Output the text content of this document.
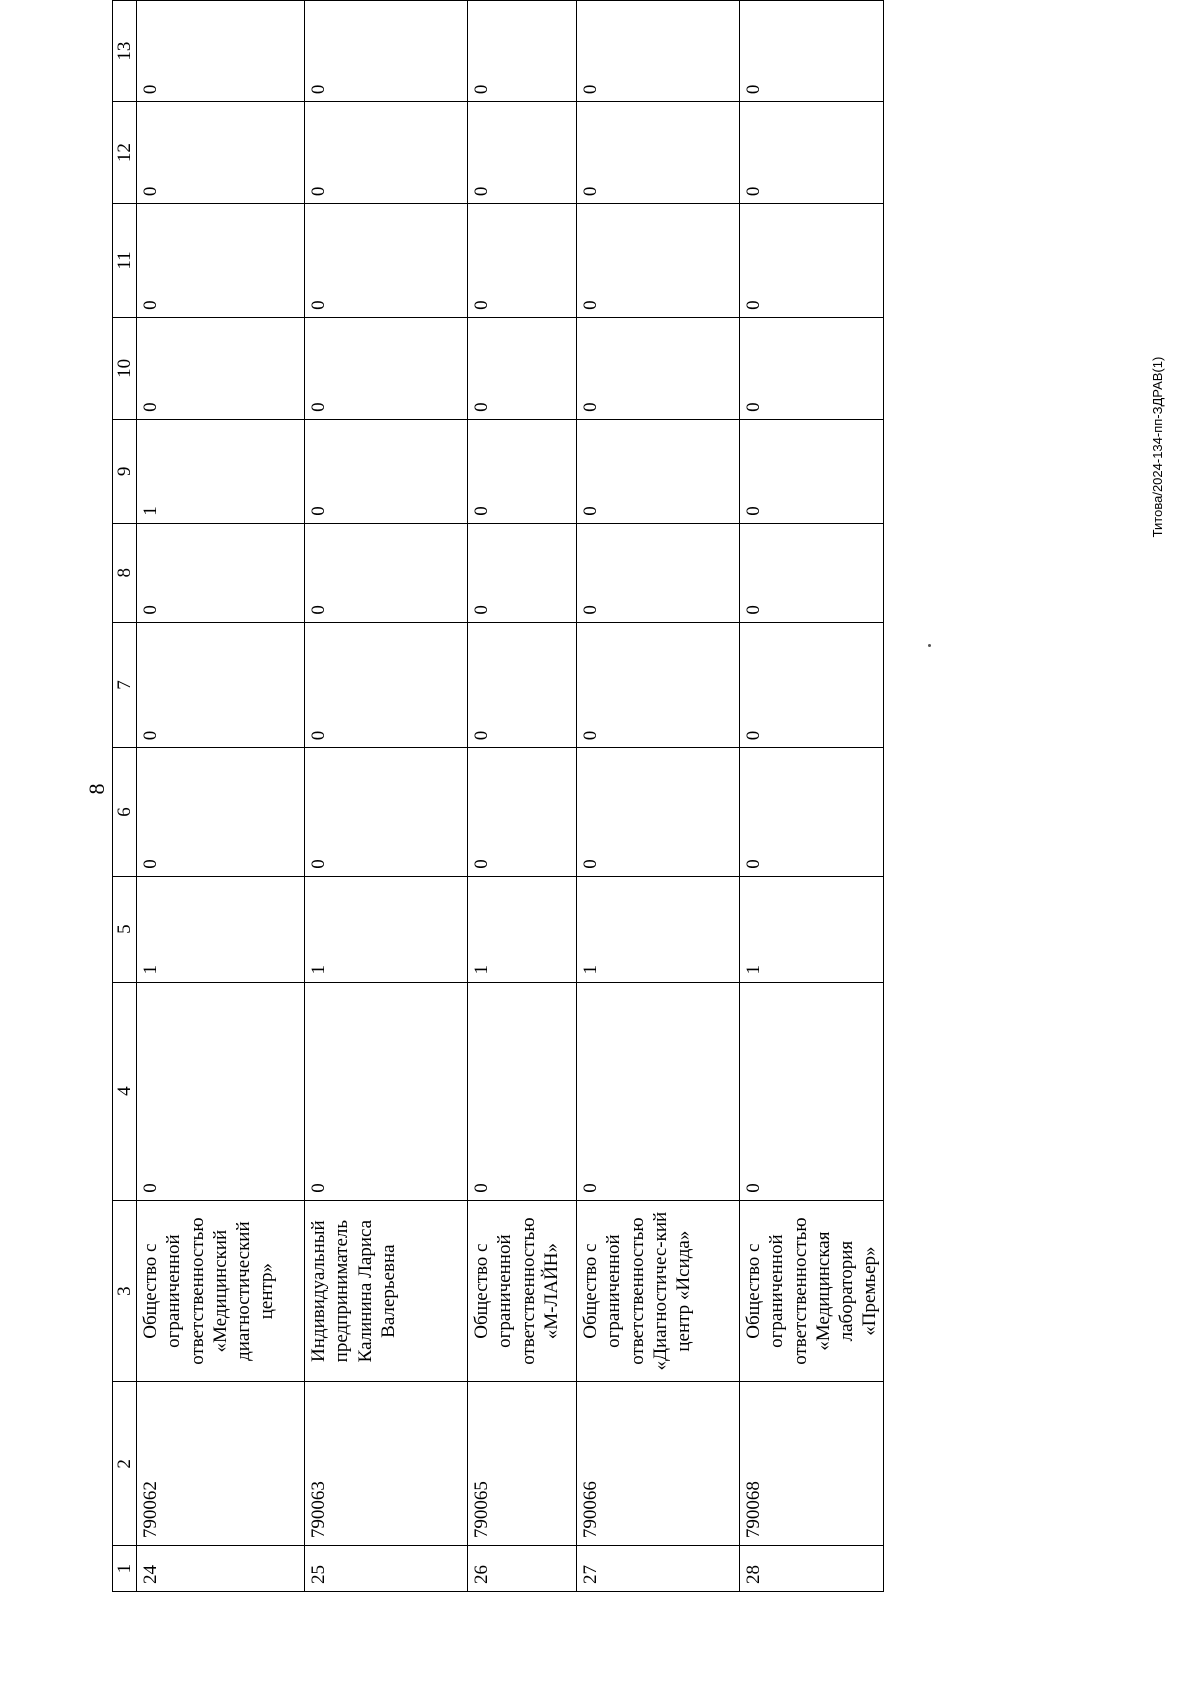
8
1	2	3	4	5	6	7	8	9	10	11	12	13
24	790062	Общество с ограниченной ответственностью «Медицинский диагностический центр»	0	1	0	0	0	1	0	0	0	0
25	790063	Индивидуальный предприниматель Калинина Лариса Валерьевна	0	1	0	0	0	0	0	0	0	0
26	790065	Общество с ограниченной ответственностью «М-ЛАЙН»	0	1	0	0	0	0	0	0	0	0
27	790066	Общество с ограниченной ответственностью «Диагностичес-кий центр «Исида»	0	1	0	0	0	0	0	0	0	0
28	790068	Общество с ограниченной ответственностью «Медицинская лаборатория «Премьер»	0	1	0	0	0	0	0	0	0	0
Титова/2024-134-пп-ЗДРАВ(1)
